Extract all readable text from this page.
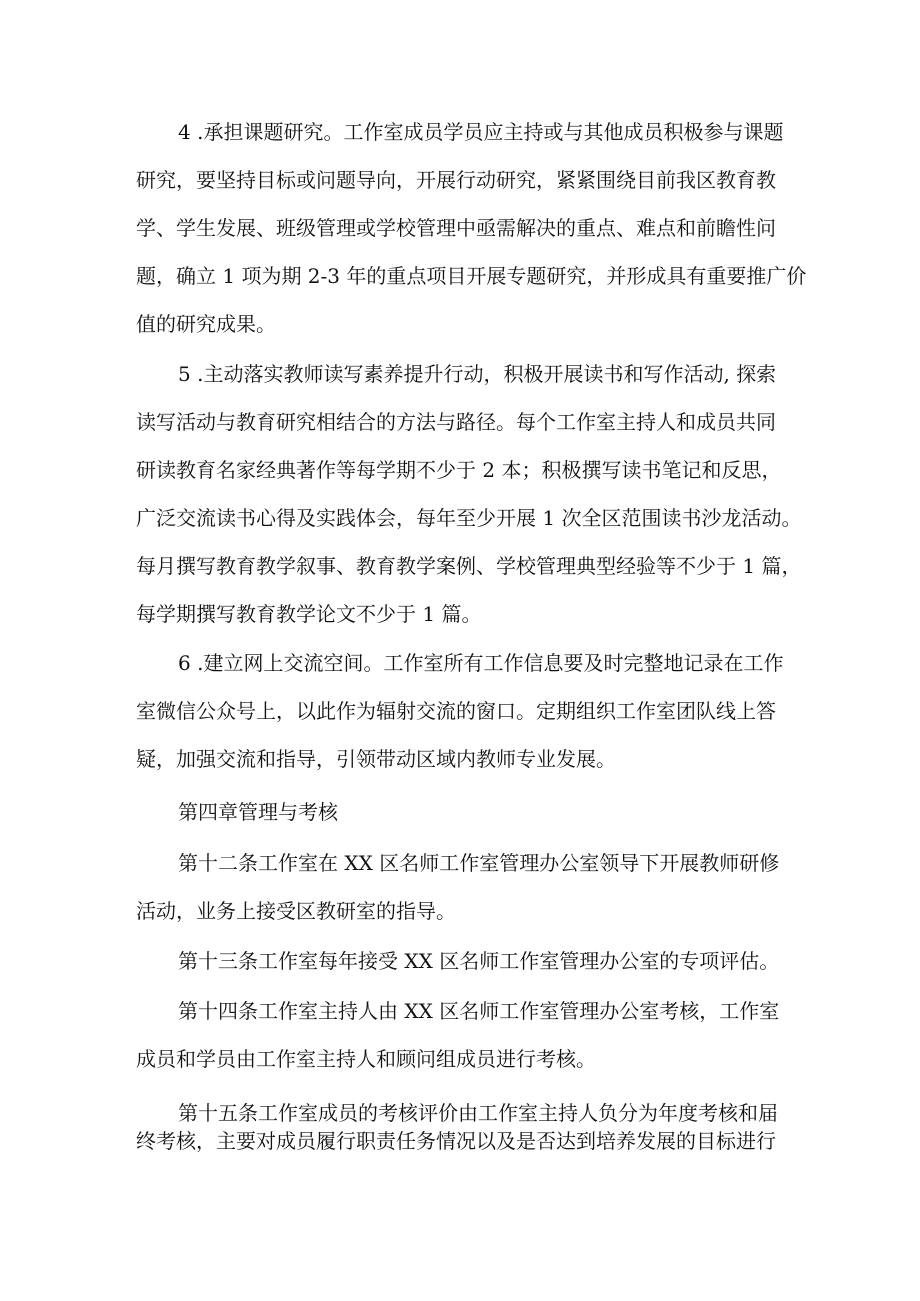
4 .承担课题研究。工作室成员学员应主持或与其他成员积极参与课题
研究，要坚持目标或问题导向，开展行动研究，紧紧围绕目前我区教育教
学、学生发展、班级管理或学校管理中亟需解决的重点、难点和前瞻性问
题，确立 1 项为期 2-3 年的重点项目开展专题研究，并形成具有重要推广价
值的研究成果。
5 .主动落实教师读写素养提升行动，积极开展读书和写作活动, 探索
读写活动与教育研究相结合的方法与路径。每个工作室主持人和成员共同
研读教育名家经典著作等每学期不少于 2 本；积极撰写读书笔记和反思，
广泛交流读书心得及实践体会，每年至少开展 1 次全区范围读书沙龙活动。
每月撰写教育教学叙事、教育教学案例、学校管理典型经验等不少于 1 篇，
每学期撰写教育教学论文不少于 1 篇。
6 .建立网上交流空间。工作室所有工作信息要及时完整地记录在工作
室微信公众号上，以此作为辐射交流的窗口。定期组织工作室团队线上答
疑，加强交流和指导，引领带动区域内教师专业发展。
第四章管理与考核
第十二条工作室在 XX 区名师工作室管理办公室领导下开展教师研修
活动，业务上接受区教研室的指导。
第十三条工作室每年接受 XX 区名师工作室管理办公室的专项评估。
第十四条工作室主持人由 XX 区名师工作室管理办公室考核，工作室
成员和学员由工作室主持人和顾问组成员进行考核。
第十五条工作室成员的考核评价由工作室主持人负分为年度考核和届
终考核，主要对成员履行职责任务情况以及是否达到培养发展的目标进行
